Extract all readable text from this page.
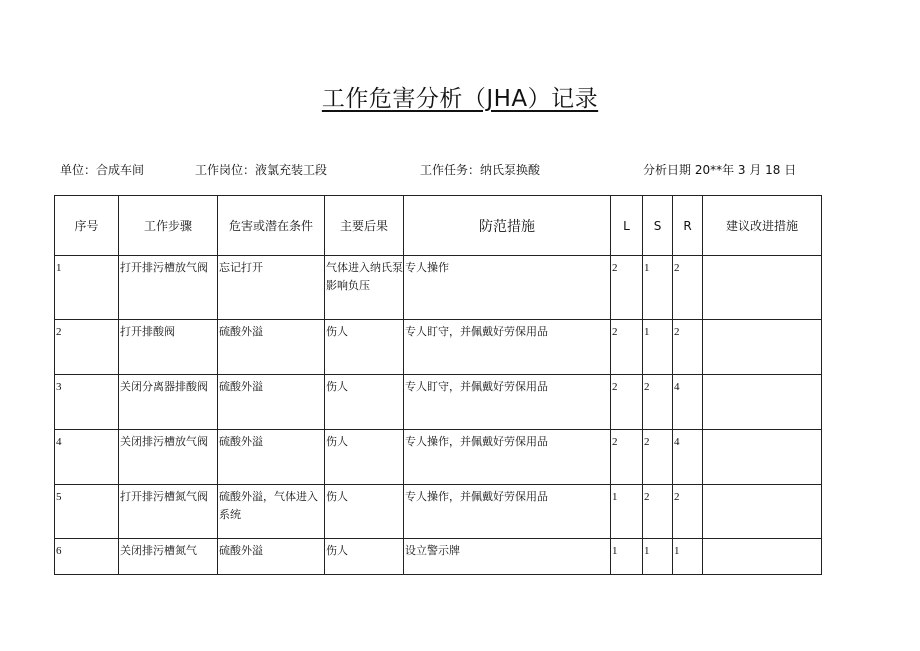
工作危害分析（JHA）记录
单位：合成车间	工作岗位：液氯充装工段	工作任务：纳氏泵换酸	分析日期 20**年 3 月 18 日
序号	工作步骤	危害或潜在条件	主要后果	防范措施	L	S	R	建议改进措施
1	打开排污槽放气阀	忘记打开	气体进入纳氏泵影响负压	专人操作	2	1	2	
2	打开排酸阀	硫酸外溢	伤人	专人盯守，并佩戴好劳保用品	2	1	2	
3	关闭分离器排酸阀	硫酸外溢	伤人	专人盯守，并佩戴好劳保用品	2	2	4	
4	关闭排污槽放气阀	硫酸外溢	伤人	专人操作，并佩戴好劳保用品	2	2	4	
5	打开排污槽氮气阀	硫酸外溢，气体进入系统	伤人	专人操作，并佩戴好劳保用品	1	2	2	
6	关闭排污槽氮气	硫酸外溢	伤人	设立警示牌	1	1	1	
